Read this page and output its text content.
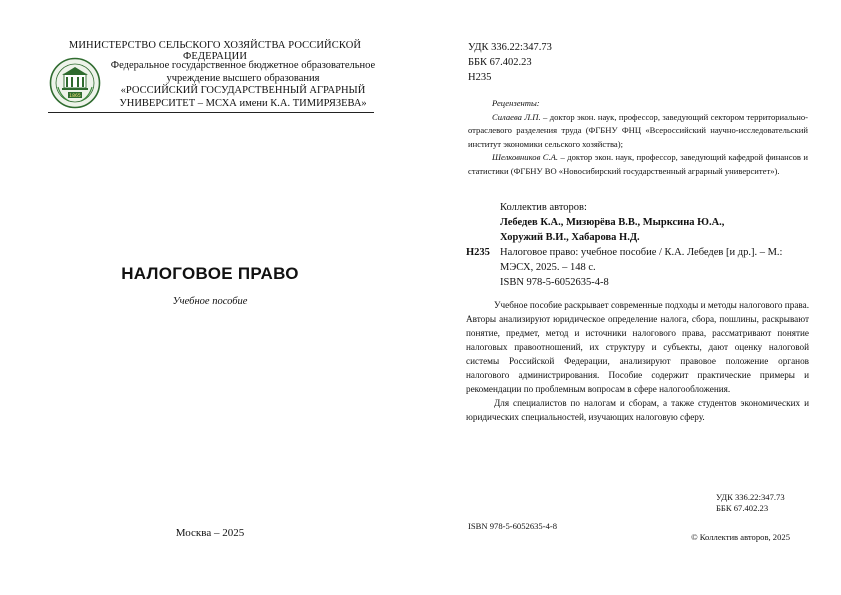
МИНИСТЕРСТВО СЕЛЬСКОГО ХОЗЯЙСТВА РОССИЙСКОЙ ФЕДЕРАЦИИ
1865
Федеральное государственное бюджетное образовательное
учреждение высшего образования
«РОССИЙСКИЙ ГОСУДАРСТВЕННЫЙ АГРАРНЫЙ
УНИВЕРСИТЕТ – МСХА имени К.А. ТИМИРЯЗЕВА»
НАЛОГОВОЕ ПРАВО
Учебное пособие
Москва – 2025
УДК 336.22:347.73
ББК 67.402.23
Н235

Рецензенты:

Силаева Л.П. – доктор экон. наук, профессор, заведующий сектором территориально-отраслевого разделения труда (ФГБНУ ФНЦ «Всероссийский научно-исследовательский институт экономики сельского хозяйства);

Шелковников С.А. – доктор экон. наук, профессор, заведующий кафедрой финансов и статистики (ФГБНУ ВО «Новосибирский государственный аграрный университет»).

Коллектив авторов:
Лебедев К.А., Мизюрёва В.В., Мырксина Ю.А.,
Хоружий В.И., Хабарова Н.Д.
Н235 Налоговое право: учебное пособие / К.А. Лебедев [и др.]. – М.:
МЭСХ, 2025. – 148 с.
ISBN 978-5-6052635-4-8

Учебное пособие раскрывает современные подходы и методы налогового права. Авторы анализируют юридическое определение налога, сбора, пошлины, раскрывают понятие, предмет, метод и источники налогового права, рассматривают понятие налоговых правоотношений, их структуру и субъекты, дают оценку налоговой системы Российской Федерации, анализируют правовое положение органов налогового администрирования. Пособие содержит практические примеры и рекомендации по проблемным вопросам в сфере налогообложения.

Для специалистов по налогам и сборам, а также студентов экономических и юридических специальностей, изучающих налоговую сферу.

УДК 336.22:347.73
ББК 67.402.23
ISBN 978-5-6052635-4-8
© Коллектив авторов, 2025
